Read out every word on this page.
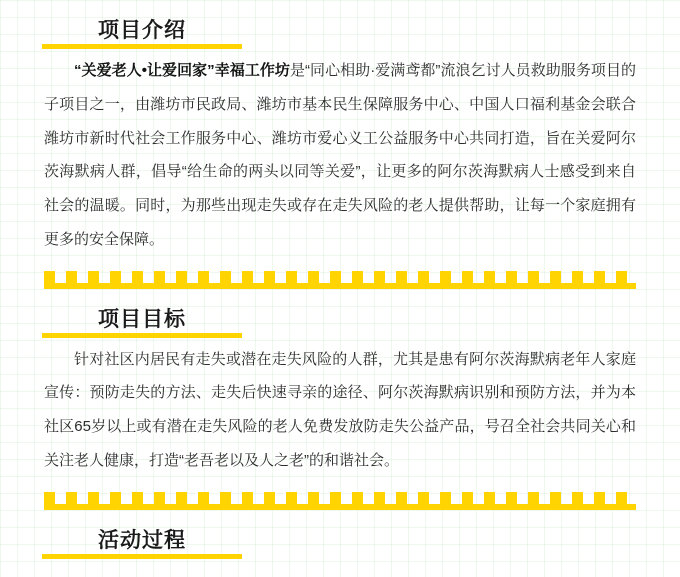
项目介绍

“关爱老人•让爱回家”幸福工作坊是“同心相助·爱满鸢都”流浪乞讨人员救助服务项目的子项目之一，由潍坊市民政局、潍坊市基本民生保障服务中心、中国人口福利基金会联合潍坊市新时代社会工作服务中心、潍坊市爱心义工公益服务中心共同打造，旨在关爱阿尔茨海默病人群，倡导“给生命的两头以同等关爱”，让更多的阿尔茨海默病人士感受到来自社会的温暖。同时，为那些出现走失或存在走失风险的老人提供帮助，让每一个家庭拥有更多的安全保障。

项目目标

针对社区内居民有走失或潜在走失风险的人群，尤其是患有阿尔茨海默病老年人家庭宣传：预防走失的方法、走失后快速寻亲的途径、阿尔茨海默病识别和预防方法，并为本社区65岁以上或有潜在走失风险的老人免费发放防走失公益产品，号召全社会共同关心和关注老人健康，打造“老吾老以及人之老”的和谐社会。

活动过程
